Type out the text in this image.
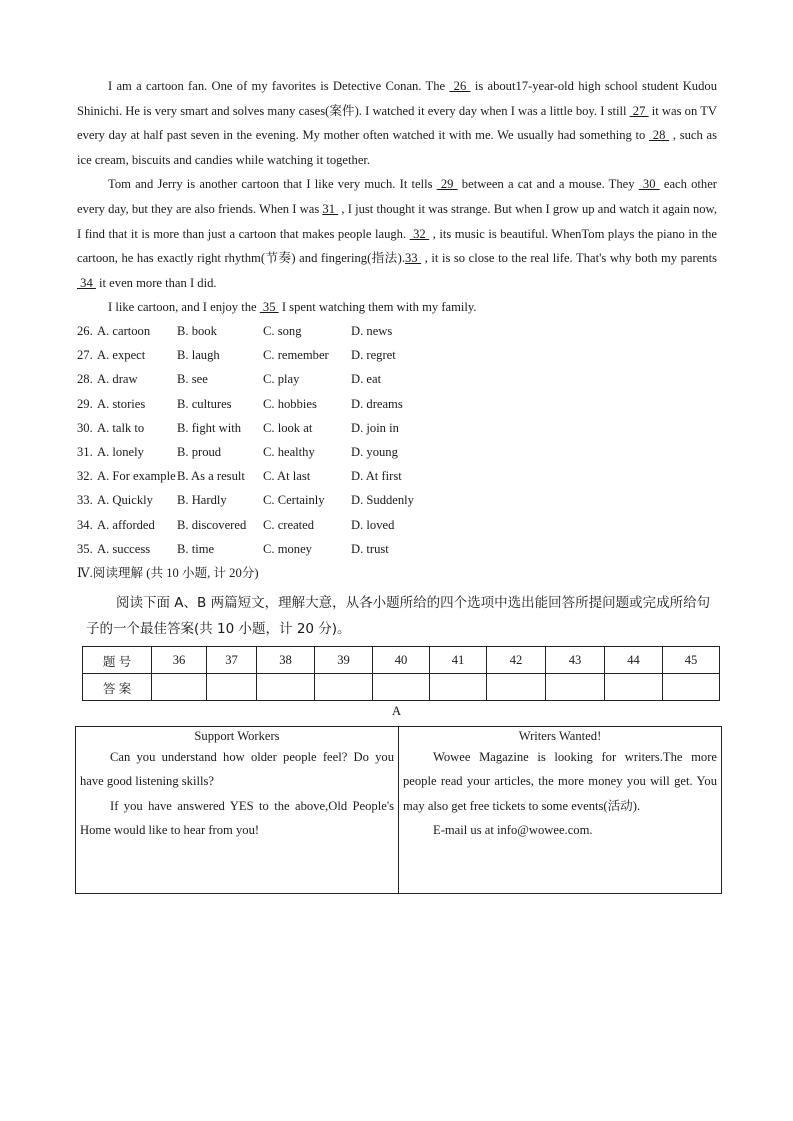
I am a cartoon fan. One of my favorites is Detective Conan. The  26  is about17-year-old high school student Kudou Shinichi. He is very smart and solves many cases(案件). I watched it every day when I was a little boy. I still  27  it was on TV every day at half past seven in the evening. My mother often watched it with me. We usually had something to  28  , such as ice cream, biscuits and candies while watching it together.

Tom and Jerry is another cartoon that I like very much. It tells  29  between a cat and a mouse. They  30  each other every day, but they are also friends. When I was 31  , I just thought it was strange. But when I grow up and watch it again now, I find that it is more than just a cartoon that makes people laugh.  32  , its music is beautiful. WhenTom plays the piano in the cartoon, he has exactly right rhythm(节奏) and fingering(指法).33  , it is so close to the real life. That's why both my parents  34  it even more than I did.

I like cartoon, and I enjoy the  35  I spent watching them with my family.

26. A. cartoon B. book	C. song	D. news
27. A. expect	B. laugh	C. remember D. regret
28. A. draw	B. see	C. play	D. eat
29. A. stories	B. cultures C. hobbies	D. dreams
30. A. talk to	B. fight with C. look at	D. join in
31. A. lonely	B. proud	C. healthy	D. young
32. A. For example B. As a result C. At last	D. At first
33. A. Quickly B. Hardly	C. Certainly D. Suddenly
34. A. afforded B. discovered C. created	D. loved
35. A. success B. time	C. money	D. trust
Ⅳ.阅读理解 (共 10 小题, 计 20分)

阅读下面 A、B 两篇短文，理解大意，从各小题所给的四个选项中选出能回答所提问题或完成所给句子的一个最佳答案(共 10 小题，计 20 分)。

题 号	36	37	38	39	40	41	42	43	44	45
答 案										
A
Support Workers

Can you understand how older people feel? Do you have good listening skills?

If you have answered YES to the above,Old People's Home would like to hear from you!

Writers Wanted!

Wowee Magazine is looking for writers.The more people read your articles, the more money you will get. You may also get free tickets to some events(活动).

E-mail us at info@wowee.com.
